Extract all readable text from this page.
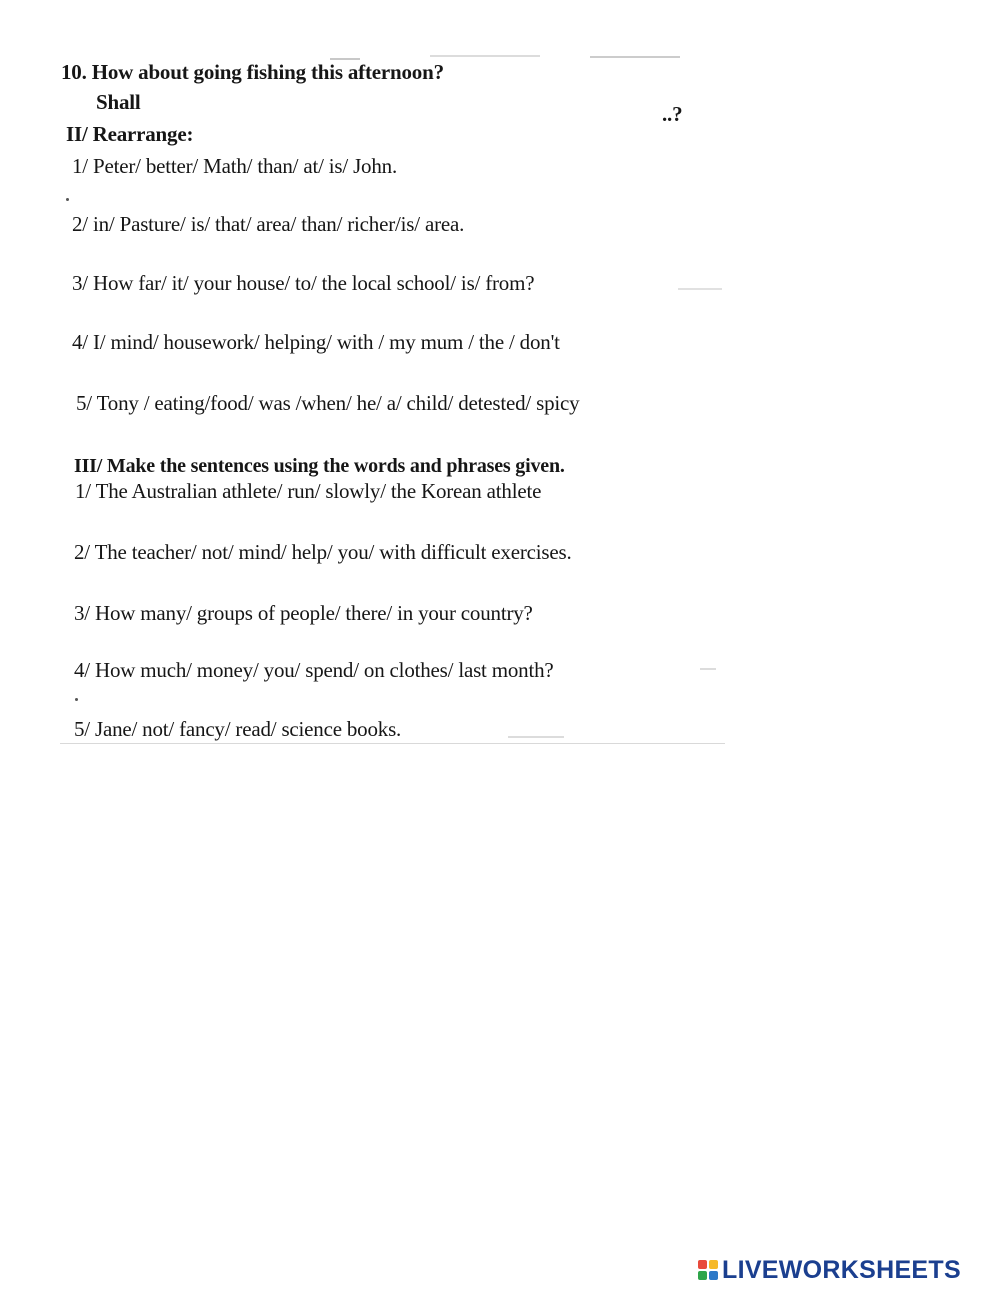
10. How about going fishing this afternoon?
Shall	..?
II/ Rearrange:
1/ Peter/ better/ Math/ than/ at/ is/ John.
2/ in/ Pasture/ is/ that/ area/ than/ richer/is/ area.
3/ How far/ it/ your house/ to/ the local school/ is/ from?
4/ I/ mind/ housework/ helping/ with / my mum / the / don't
5/ Tony / eating/food/ was /when/ he/ a/ child/ detested/ spicy
III/ Make the sentences using the words and phrases given.
1/ The Australian athlete/ run/ slowly/ the Korean athlete
2/ The teacher/ not/ mind/ help/ you/ with difficult exercises.
3/ How many/ groups of people/ there/ in your country?
4/ How much/ money/ you/ spend/ on clothes/ last month?
5/ Jane/ not/ fancy/ read/ science books.
LIVEWORKSHEETS
